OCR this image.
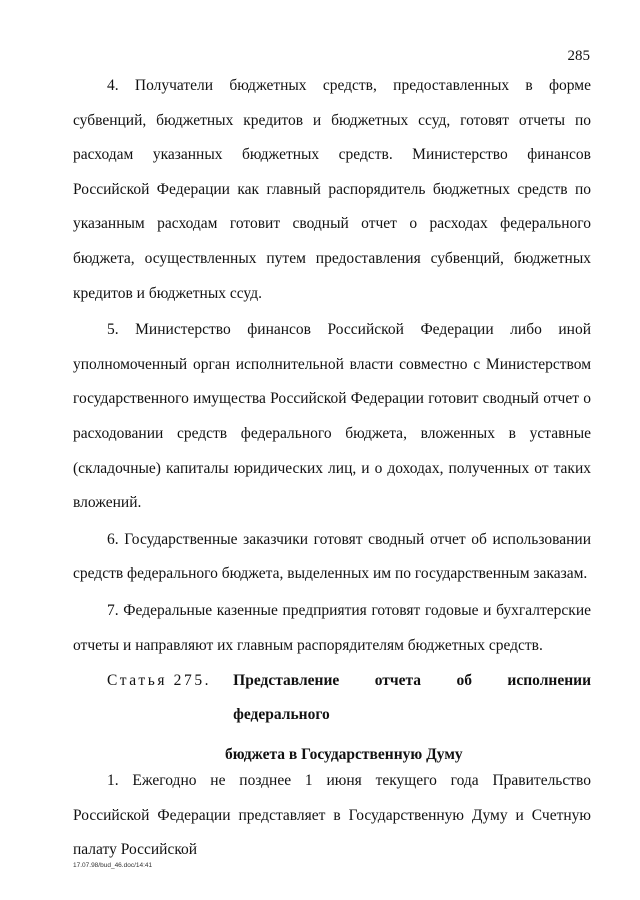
285

4. Получатели бюджетных средств, предоставленных в форме субвенций, бюджетных кредитов и бюджетных ссуд, готовят отчеты по расходам указанных бюджетных средств. Министерство финансов Российской Федерации как главный распорядитель бюджетных средств по указанным расходам готовит сводный отчет о расходах федерального бюджета, осуществленных путем предоставления субвенций, бюджетных кредитов и бюджетных ссуд.

5. Министерство финансов Российской Федерации либо иной уполномоченный орган исполнительной власти совместно с Министерством государственного имущества Российской Федерации готовит сводный отчет о расходовании средств федерального бюджета, вложенных в уставные (складочные) капиталы юридических лиц, и о доходах, полученных от таких вложений.

6. Государственные заказчики готовят сводный отчет об использовании средств федерального бюджета, выделенных им по государственным заказам.

7. Федеральные казенные предприятия готовят годовые и бухгалтерские отчеты и направляют их главным распорядителям бюджетных средств.

Статья 275. Представление отчета об исполнении федерального
бюджета в Государственную Думу

1. Ежегодно не позднее 1 июня текущего года Правительство Российской Федерации представляет в Государственную Думу и Счетную палату Российской

17.07.98/bud_46.doc/14:41
